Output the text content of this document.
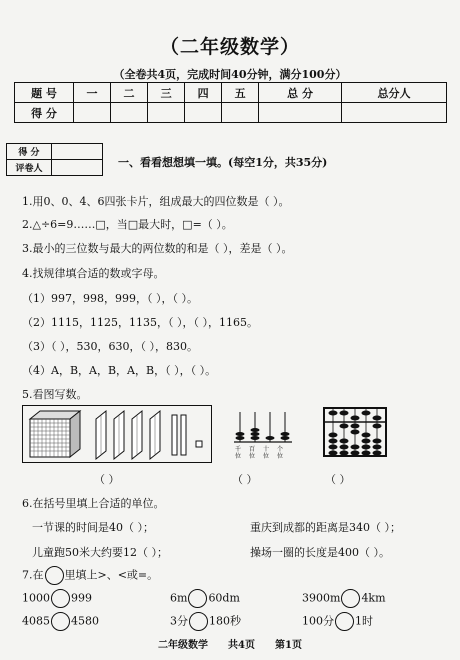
（二年级数学）
（全卷共4页，完成时间40分钟，满分100分）
题 号	一	二	三	四	五	总 分	总分人
得 分							
得 分	
评卷人		一、看看想想填一填。(每空1分，共35分)
1.用0、0、4、6四张卡片，组成最大的四位数是（ ）。
2.△÷6=9……□，当□最大时，□=（ ）。
3.最小的三位数与最大的两位数的和是（ ），差是（ ）。
4.找规律填合适的数或字母。
（1）997，998，999，（ ），（ ）。
（2）1115，1125，1135，（ ），（ ），1165。
（3）（ ），530，630，（ ），830。
（4）A，B，A，B，A，B，（ ），（ ）。
5.看图写数。
千 百 十 个
位 位 位 位
（ ）	（ ）	（ ）
6.在括号里填上合适的单位。
一节课的时间是40（ ）；	重庆到成都的距离是340（ ）；
儿童跑50米大约要12（ ）；	操场一圈的长度是400（ ）。
7.在 里填上>、<或=。
1000 999	6m 60dm	3900m 4km
4085 4580	3分 180秒	100分 1时
二年级数学　　共4页　　第1页
